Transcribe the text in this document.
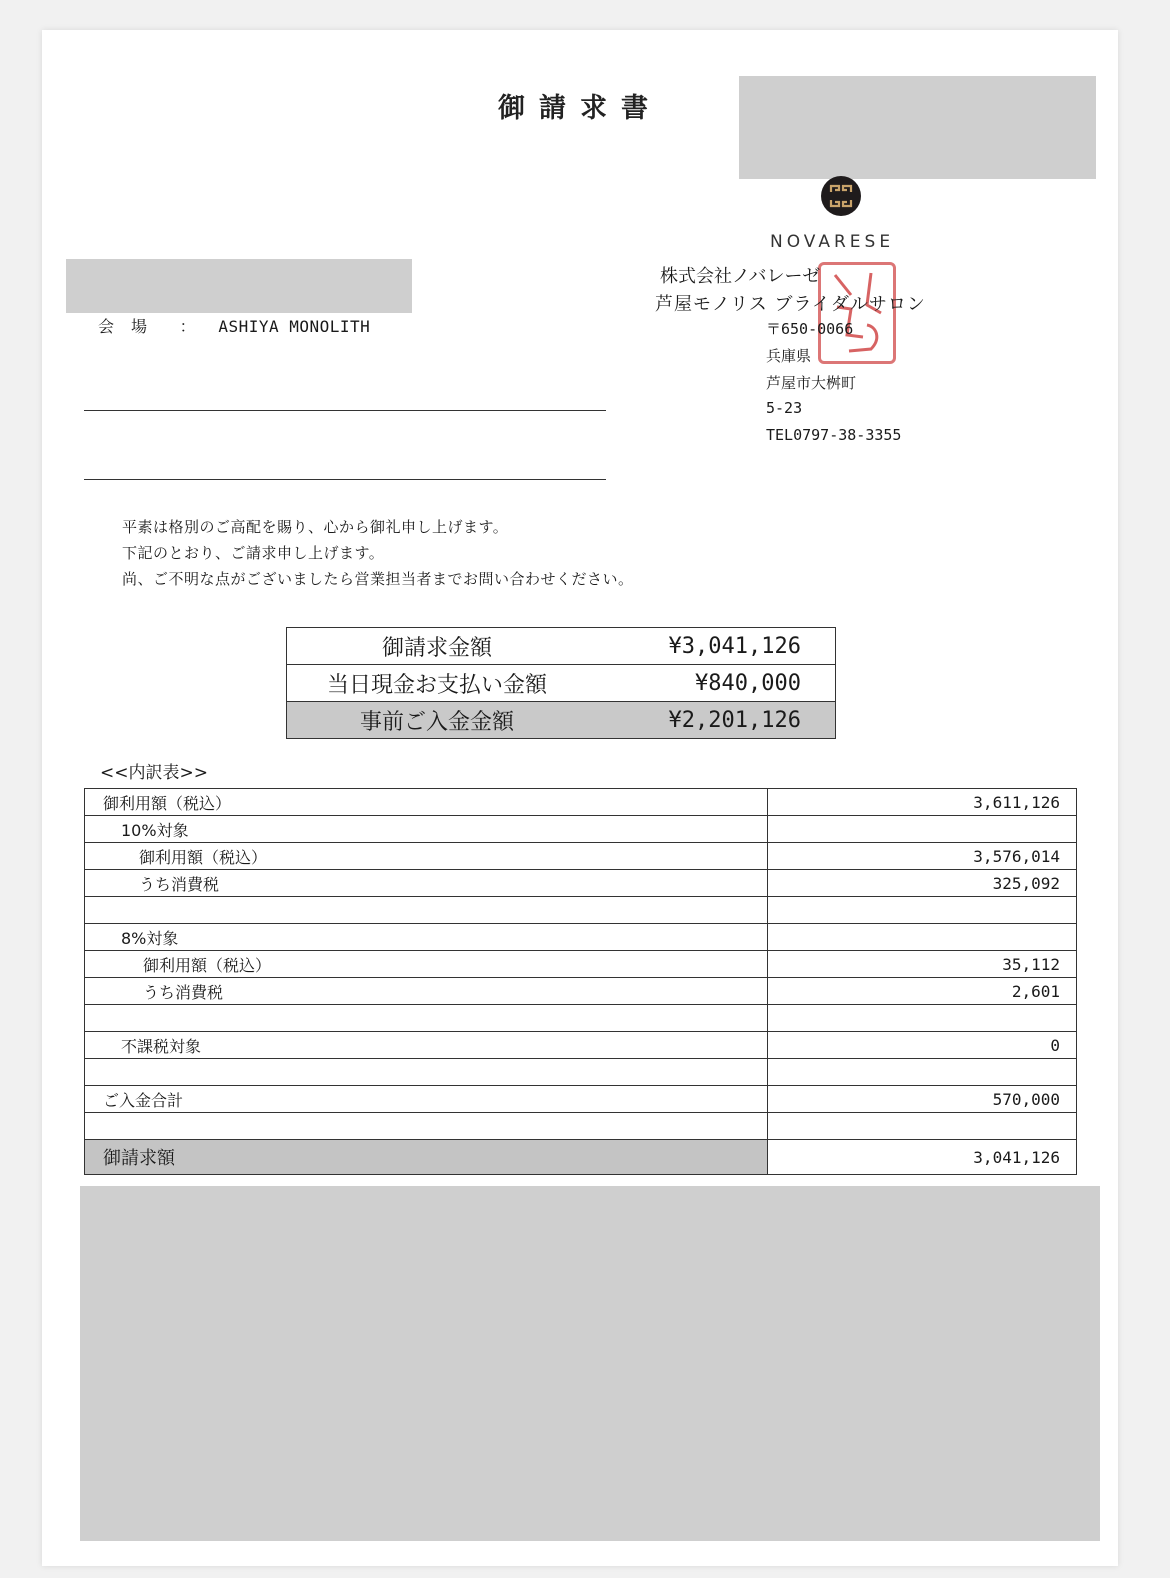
御請求書
NOVARESE
株式会社ノバレーゼ
芦屋モノリス ブライダルサロン
〒650-0066
兵庫県
芦屋市大桝町
5-23
TEL0797-38-3355
会　場 ： ASHIYA MONOLITH
平素は格別のご高配を賜り、心から御礼申し上げます。
下記のとおり、ご請求申し上げます。
尚、ご不明な点がございましたら営業担当者までお問い合わせください。
御請求金額	¥3,041,126
当日現金お支払い金額	¥840,000
事前ご入金金額	¥2,201,126
<<内訳表>>
御利用額（税込）	3,611,126
10%対象	
御利用額（税込）	3,576,014
うち消費税	325,092

8%対象	
御利用額（税込）	35,112
うち消費税	2,601

不課税対象	0

ご入金合計	570,000

御請求額	3,041,126
